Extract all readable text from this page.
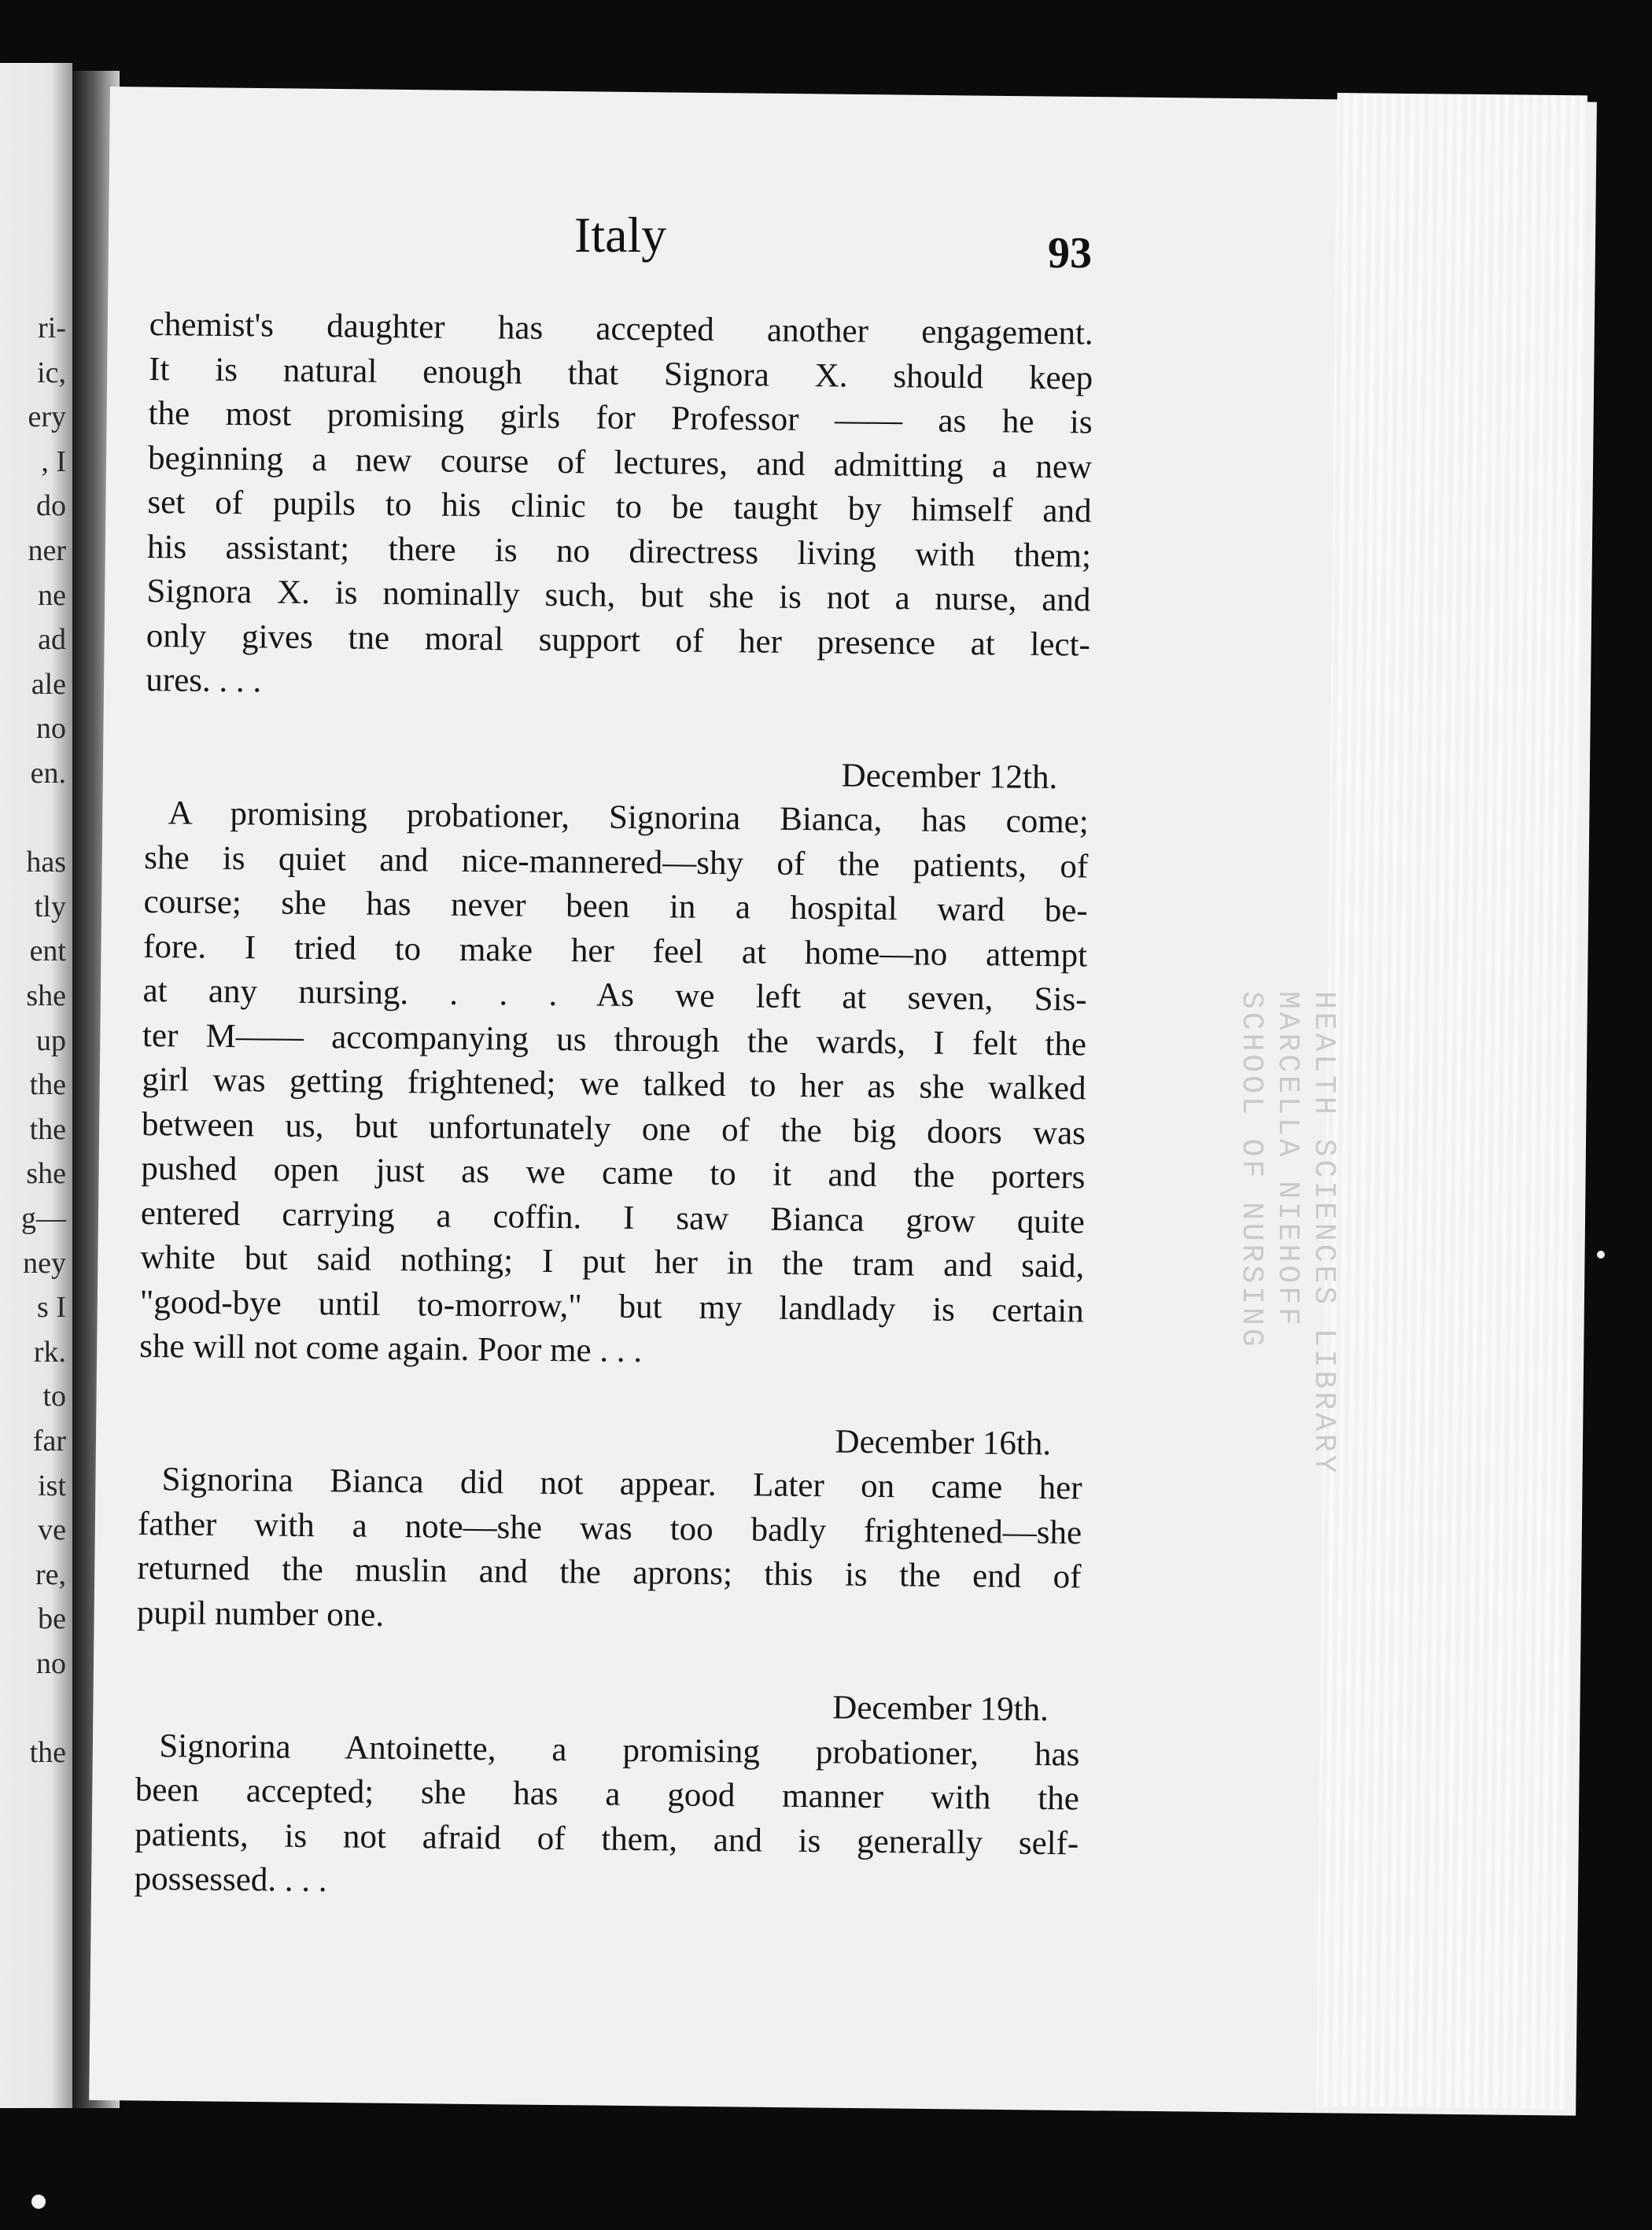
HEALTH SCIENCES LIBRARY
MARCELLA NIEHOFF
SCHOOL OF NURSING
Italy	93
chemist's daughter has accepted another engagement.
It is natural enough that Signora X. should keep
the most promising girls for Professor —— as he is
beginning a new course of lectures, and admitting a new
set of pupils to his clinic to be taught by himself and
his assistant; there is no directress living with them;
Signora X. is nominally such, but she is not a nurse, and
only gives tne moral support of her presence at lect-
ures. . . .
December 12th.
A promising probationer, Signorina Bianca, has come;
she is quiet and nice-mannered—shy of the patients, of
course; she has never been in a hospital ward be-
fore. I tried to make her feel at home—no attempt
at any nursing. . . . As we left at seven, Sis-
ter M—— accompanying us through the wards, I felt the
girl was getting frightened; we talked to her as she walked
between us, but unfortunately one of the big doors was
pushed open just as we came to it and the porters
entered carrying a coffin. I saw Bianca grow quite
white but said nothing; I put her in the tram and said,
"good-bye until to-morrow," but my landlady is certain
she will not come again. Poor me . . .
December 16th.
Signorina Bianca did not appear. Later on came her
father with a note—she was too badly frightened—she
returned the muslin and the aprons; this is the end of
pupil number one.
December 19th.
Signorina Antoinette, a promising probationer, has
been accepted; she has a good manner with the
patients, is not afraid of them, and is generally self-
possessed. . . .
ri-
ic,
ery
, I
do
ner
ne
ad
ale
no
en.
has
tly
ent
she
up
the
the
she
g—
ney
s I
rk.
to
far
ist
ve
re,
be
no
the
